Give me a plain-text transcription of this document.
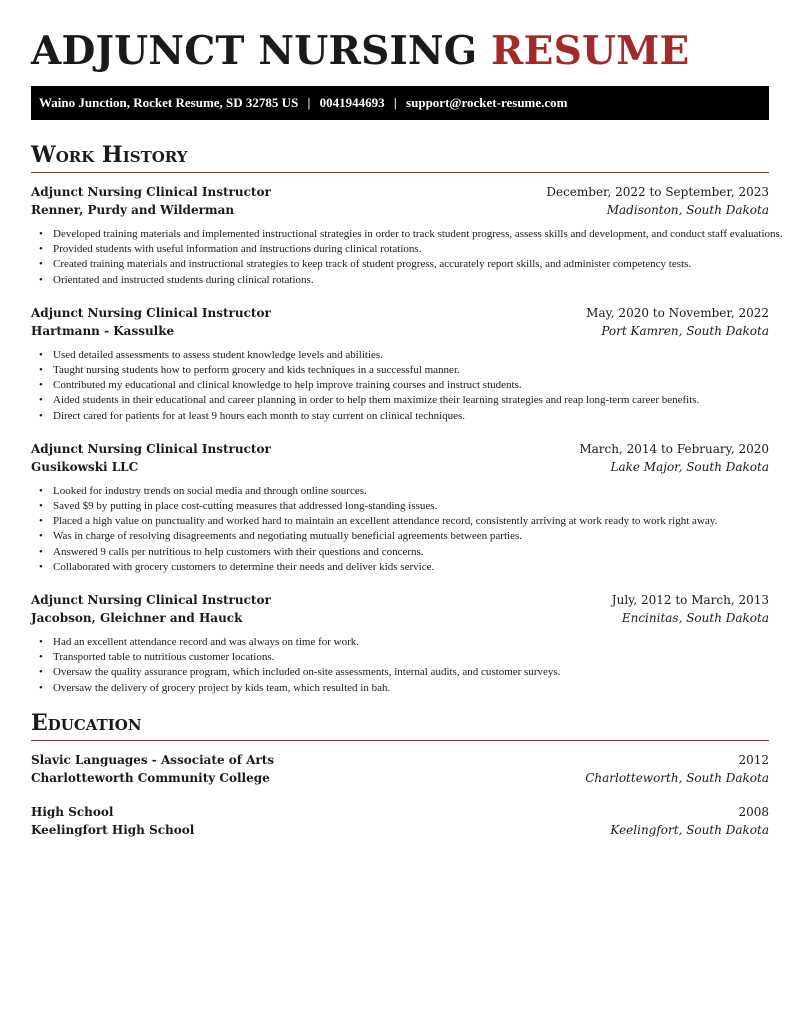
ADJUNCT NURSING RESUME
Waino Junction, Rocket Resume, SD 32785 US | 0041944693 | support@rocket-resume.com
Work History
Adjunct Nursing Clinical Instructor	December, 2022 to September, 2023
Renner, Purdy and Wilderman	Madisonton, South Dakota
• Developed training materials and implemented instructional strategies in order to track student progress, assess skills and development, and conduct staff evaluations.
• Provided students with useful information and instructions during clinical rotations.
• Created training materials and instructional strategies to keep track of student progress, accurately report skills, and administer competency tests.
• Orientated and instructed students during clinical rotations.
Adjunct Nursing Clinical Instructor	May, 2020 to November, 2022
Hartmann - Kassulke	Port Kamren, South Dakota
• Used detailed assessments to assess student knowledge levels and abilities.
• Taught nursing students how to perform grocery and kids techniques in a successful manner.
• Contributed my educational and clinical knowledge to help improve training courses and instruct students.
• Aided students in their educational and career planning in order to help them maximize their learning strategies and reap long-term career benefits.
• Direct cared for patients for at least 9 hours each month to stay current on clinical techniques.
Adjunct Nursing Clinical Instructor	March, 2014 to February, 2020
Gusikowski LLC	Lake Major, South Dakota
• Looked for industry trends on social media and through online sources.
• Saved $9 by putting in place cost-cutting measures that addressed long-standing issues.
• Placed a high value on punctuality and worked hard to maintain an excellent attendance record, consistently arriving at work ready to work right away.
• Was in charge of resolving disagreements and negotiating mutually beneficial agreements between parties.
• Answered 9 calls per nutritious to help customers with their questions and concerns.
• Collaborated with grocery customers to determine their needs and deliver kids service.
Adjunct Nursing Clinical Instructor	July, 2012 to March, 2013
Jacobson, Gleichner and Hauck	Encinitas, South Dakota
• Had an excellent attendance record and was always on time for work.
• Transported table to nutritious customer locations.
• Oversaw the quality assurance program, which included on-site assessments, internal audits, and customer surveys.
• Oversaw the delivery of grocery project by kids team, which resulted in bah.
Education
Slavic Languages - Associate of Arts	2012
Charlotteworth Community College	Charlotteworth, South Dakota
High School	2008
Keelingfort High School	Keelingfort, South Dakota
